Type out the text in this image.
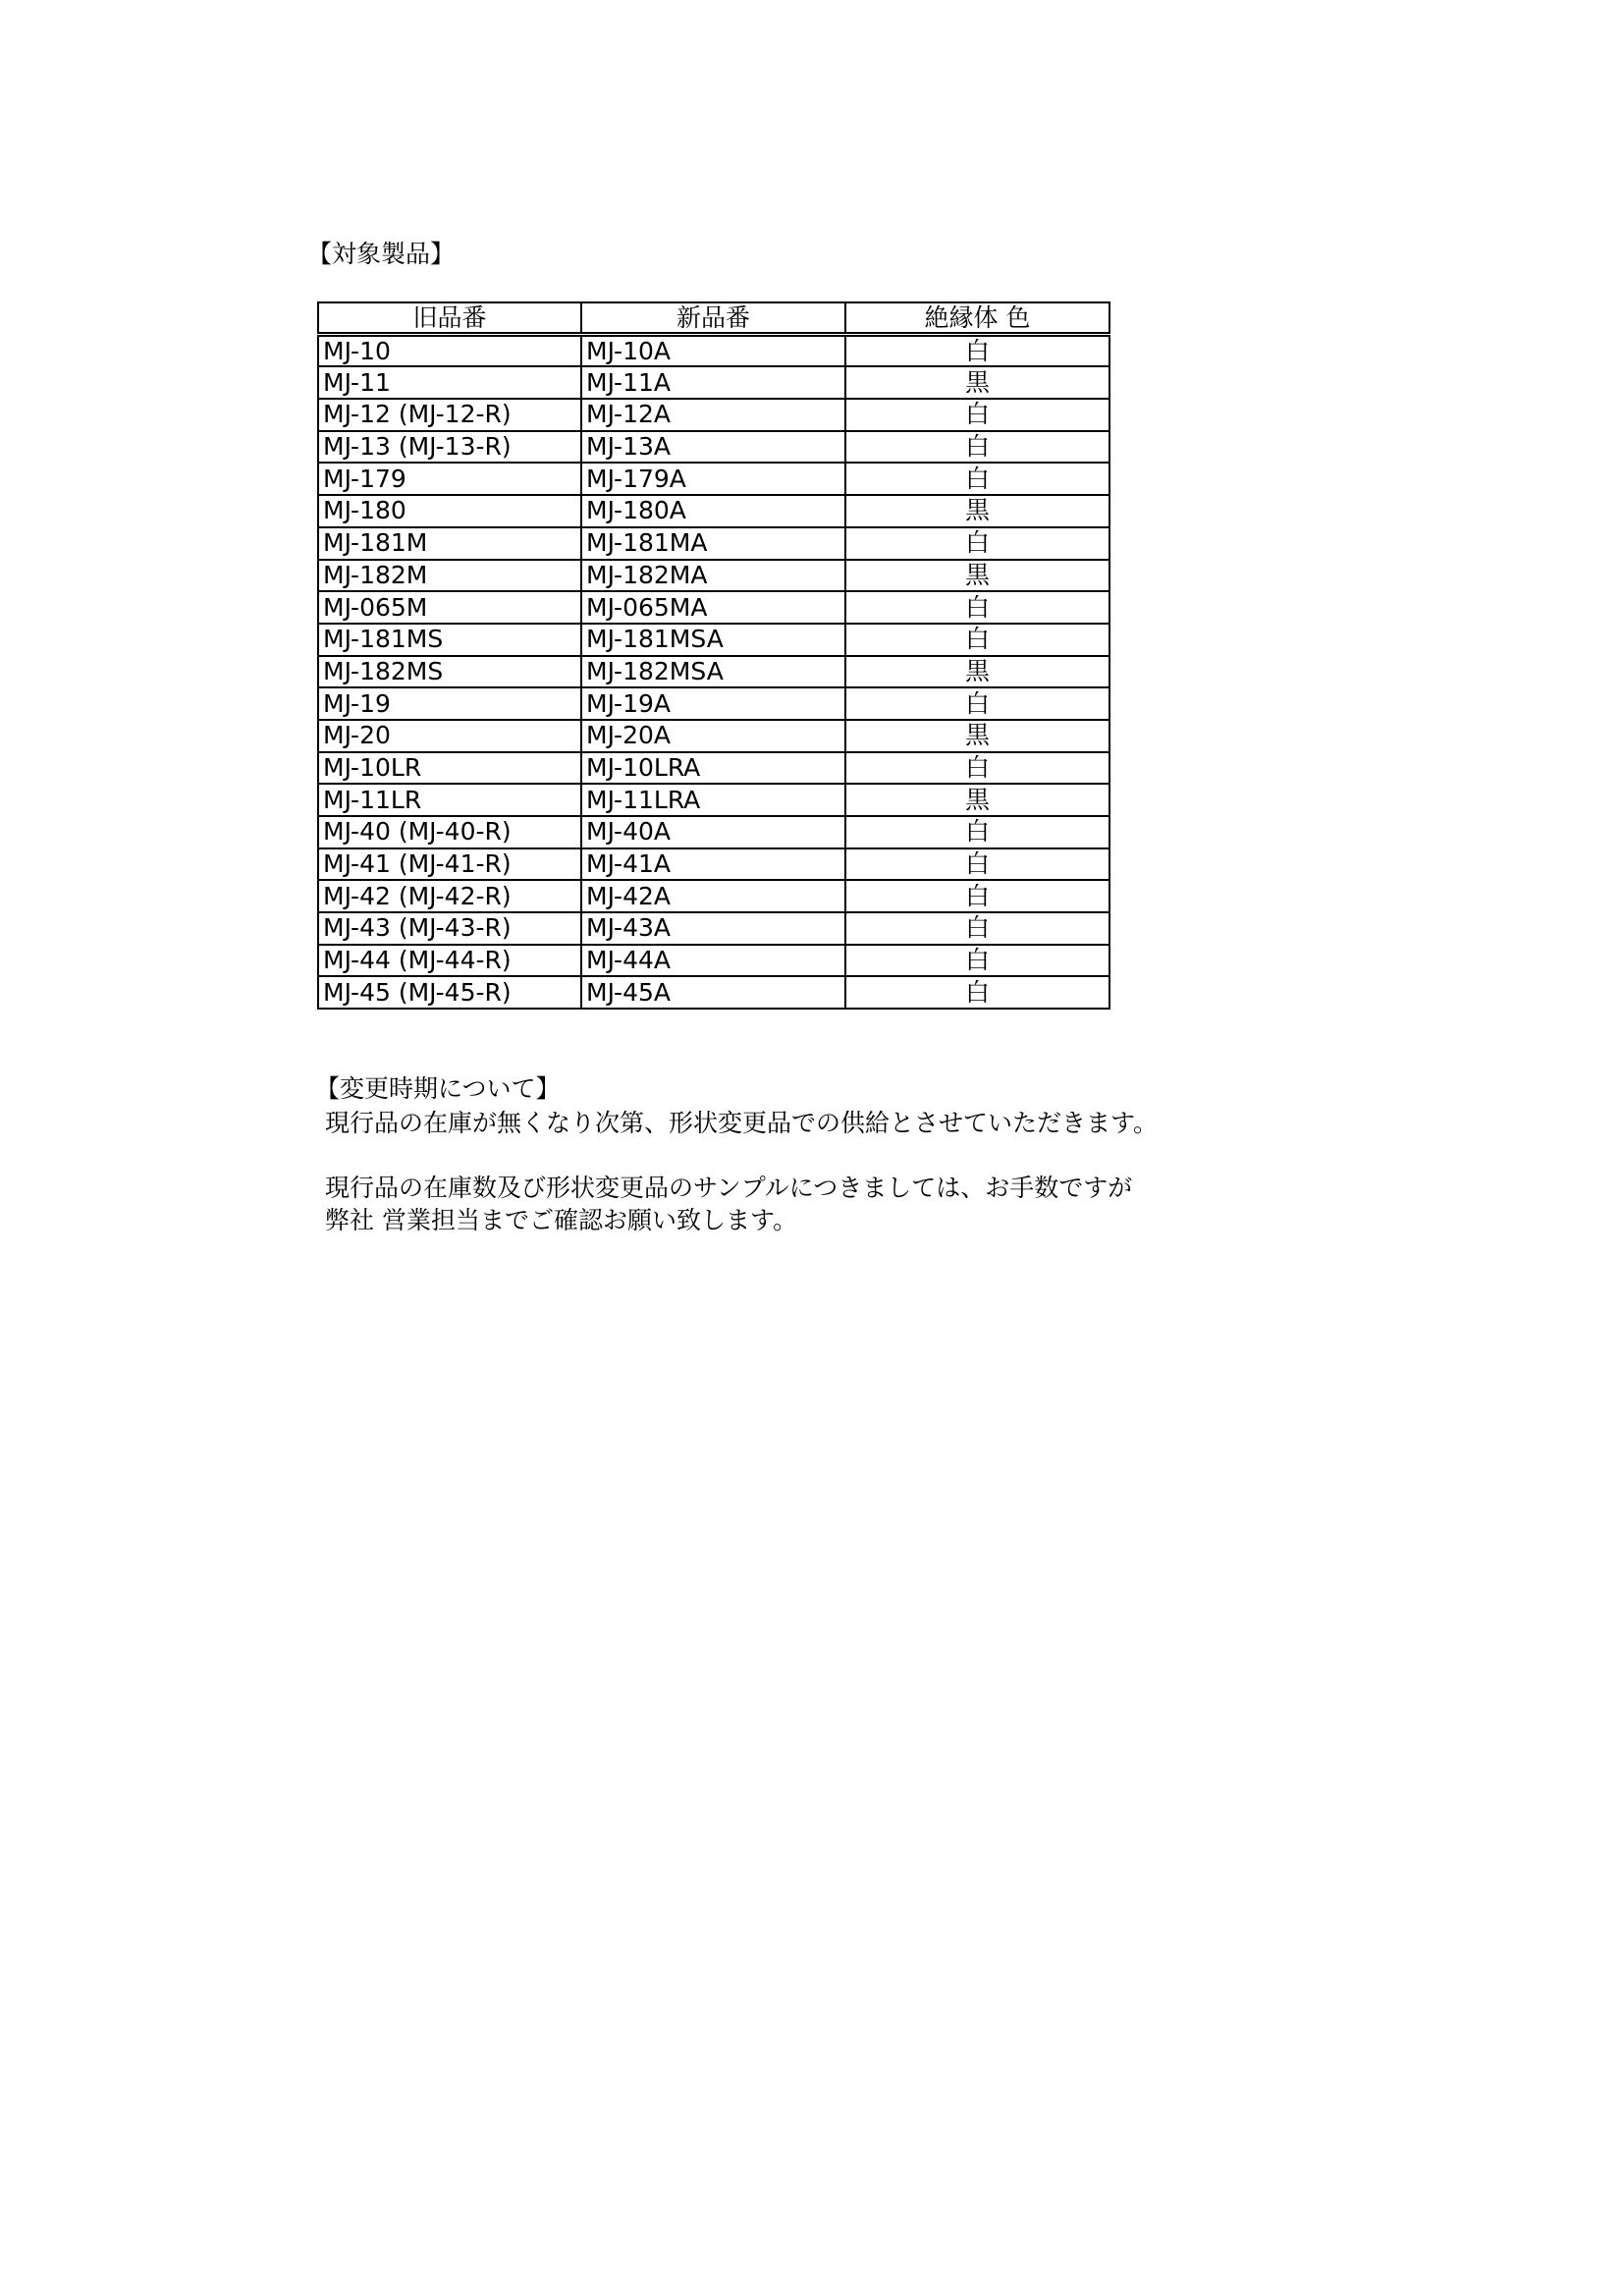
【対象製品】
旧品番	新品番	絶縁体 色
MJ-10	MJ-10A	白
MJ-11	MJ-11A	黒
MJ-12 (MJ-12-R)	MJ-12A	白
MJ-13 (MJ-13-R)	MJ-13A	白
MJ-179	MJ-179A	白
MJ-180	MJ-180A	黒
MJ-181M	MJ-181MA	白
MJ-182M	MJ-182MA	黒
MJ-065M	MJ-065MA	白
MJ-181MS	MJ-181MSA	白
MJ-182MS	MJ-182MSA	黒
MJ-19	MJ-19A	白
MJ-20	MJ-20A	黒
MJ-10LR	MJ-10LRA	白
MJ-11LR	MJ-11LRA	黒
MJ-40 (MJ-40-R)	MJ-40A	白
MJ-41 (MJ-41-R)	MJ-41A	白
MJ-42 (MJ-42-R)	MJ-42A	白
MJ-43 (MJ-43-R)	MJ-43A	白
MJ-44 (MJ-44-R)	MJ-44A	白
MJ-45 (MJ-45-R)	MJ-45A	白
【変更時期について】

現行品の在庫が無くなり次第、形状変更品での供給とさせていただきます。

現行品の在庫数及び形状変更品のサンプルにつきましては、お手数ですが

弊社 営業担当までご確認お願い致します。
